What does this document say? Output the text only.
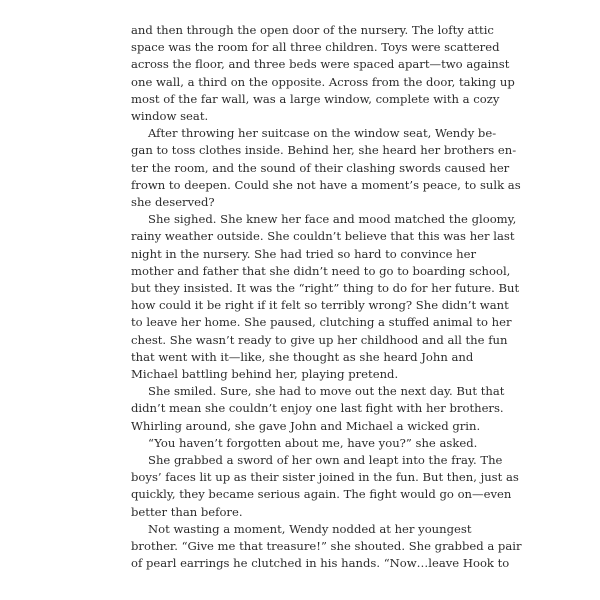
and then through the open door of the nursery. The lofty attic
space was the room for all three children. Toys were scattered
across the floor, and three beds were spaced apart—two against
one wall, a third on the opposite. Across from the door, taking up
most of the far wall, was a large window, complete with a cozy
window seat.
After throwing her suitcase on the window seat, Wendy be-
gan to toss clothes inside. Behind her, she heard her brothers en-
ter the room, and the sound of their clashing swords caused her
frown to deepen. Could she not have a moment’s peace, to sulk as
she deserved?
She sighed. She knew her face and mood matched the gloomy,
rainy weather outside. She couldn’t believe that this was her last
night in the nursery. She had tried so hard to convince her
mother and father that she didn’t need to go to boarding school,
but they insisted. It was the “right” thing to do for her future. But
how could it be right if it felt so terribly wrong? She didn’t want
to leave her home. She paused, clutching a stuffed animal to her
chest. She wasn’t ready to give up her childhood and all the fun
that went with it—like, she thought as she heard John and
Michael battling behind her, playing pretend.
She smiled. Sure, she had to move out the next day. But that
didn’t mean she couldn’t enjoy one last fight with her brothers.
Whirling around, she gave John and Michael a wicked grin.
“You haven’t forgotten about me, have you?” she asked.
She grabbed a sword of her own and leapt into the fray. The
boys’ faces lit up as their sister joined in the fun. But then, just as
quickly, they became serious again. The fight would go on—even
better than before.
Not wasting a moment, Wendy nodded at her youngest
brother. “Give me that treasure!” she shouted. She grabbed a pair
of pearl earrings he clutched in his hands. “Now…leave Hook to
